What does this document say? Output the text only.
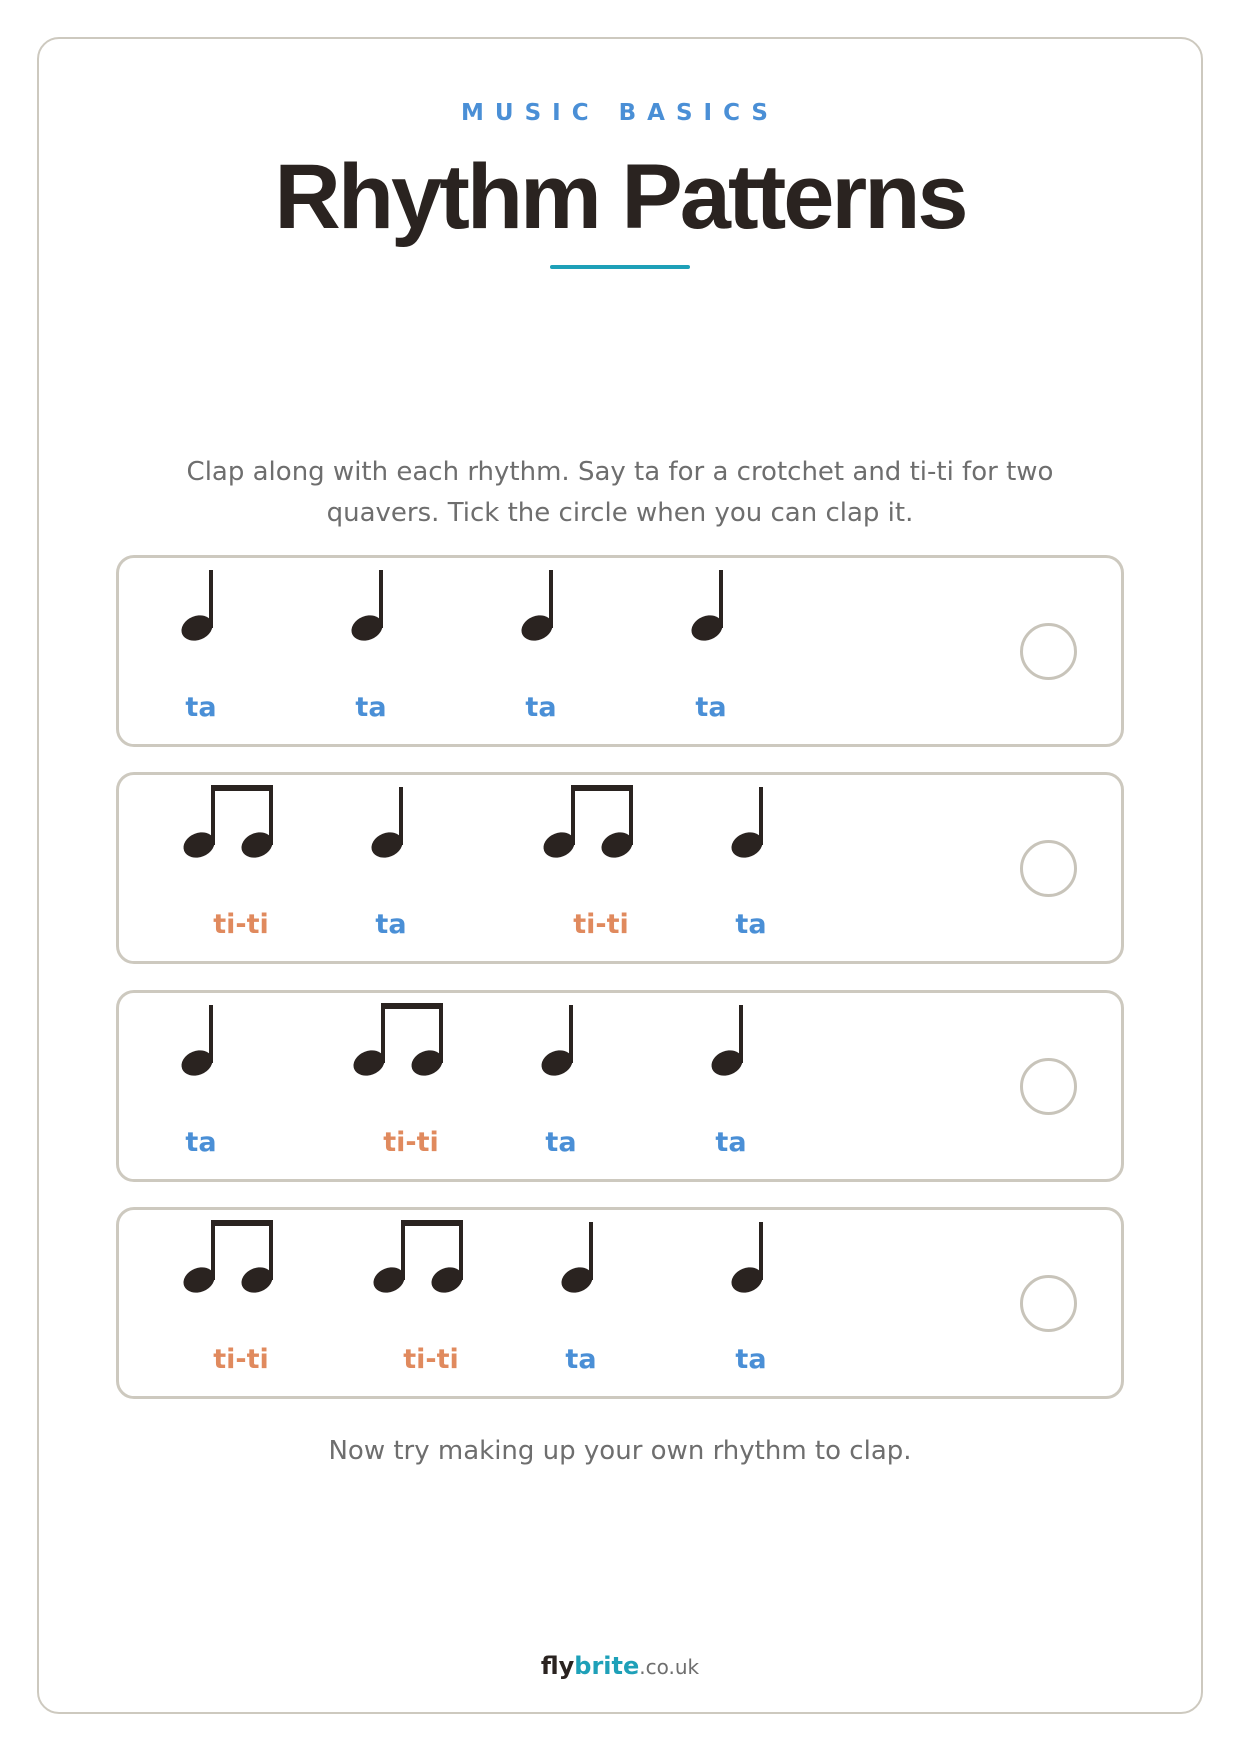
MUSIC BASICS
Rhythm Patterns
Clap along with each rhythm. Say ta for a crotchet and ti-ti for two quavers. Tick the circle when you can clap it.
ta	ta	ta	ta
ti-ti	ta	ti-ti	ta
ta	ti-ti	ta	ta
ti-ti	ti-ti	ta	ta
Now try making up your own rhythm to clap.
flybrite.co.uk
